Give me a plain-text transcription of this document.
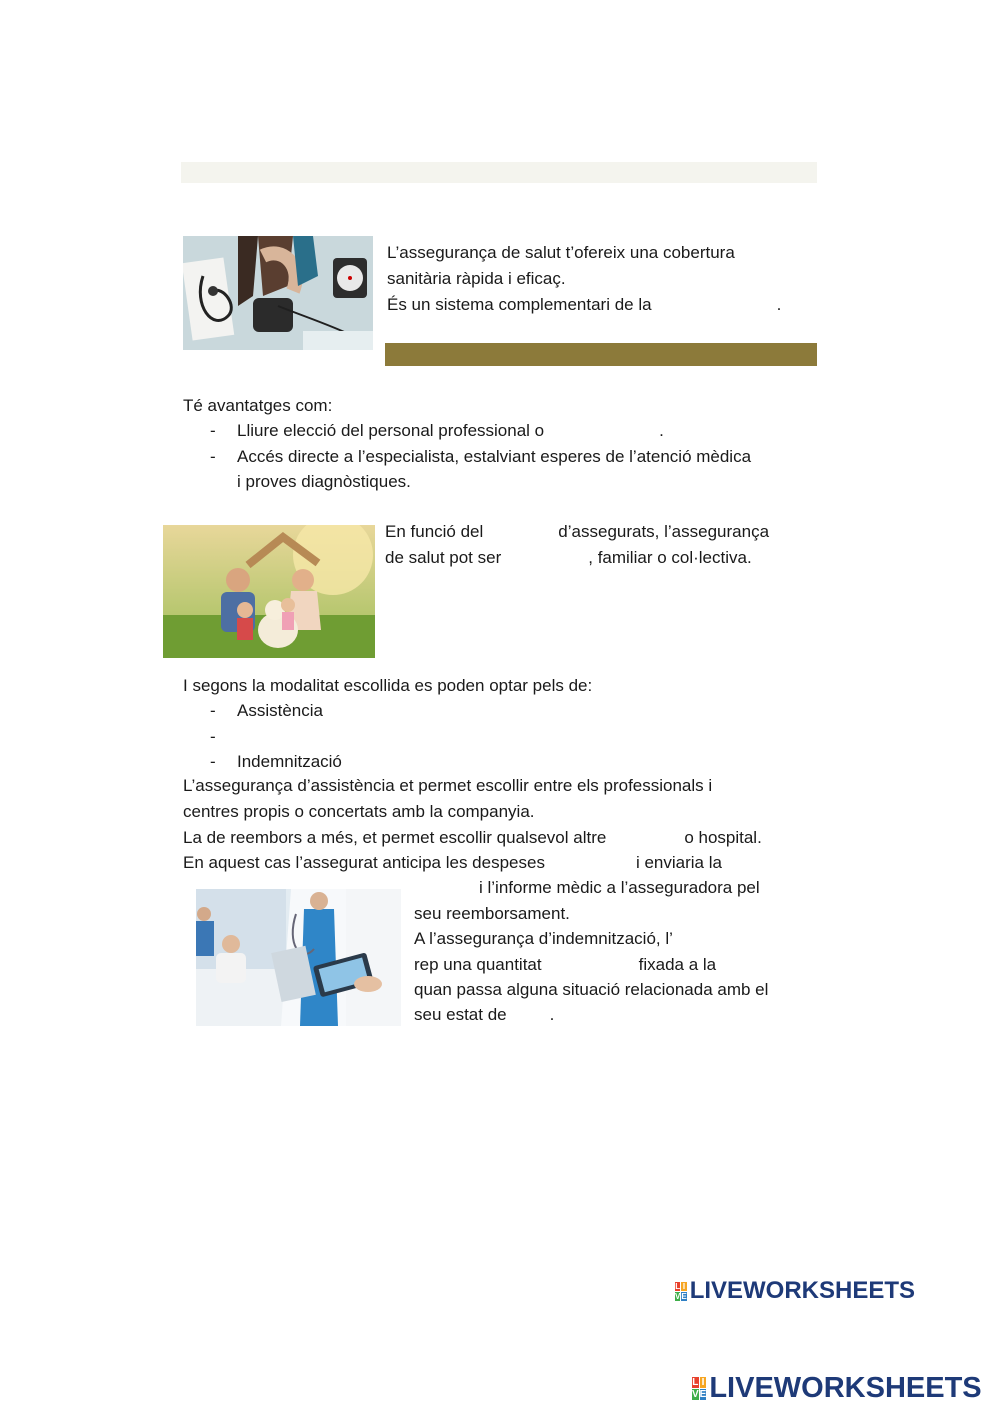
L’assegurança de salut t’ofereix una cobertura
sanitària ràpida i eficaç.
És un sistema complementari de la	.
Té avantatges com:
-	Lliure elecció del personal professional o	.
-	Accés directe a l’especialista, estalviant esperes de l’atenció mèdica
i proves diagnòstiques.
En funció del	d’assegurats, l’assegurança
de salut pot ser	, familiar o col·lectiva.
I segons la modalitat escollida es poden optar pels de:
-	Assistència
-

-	Indemnització
L’assegurança d’assistència et permet escollir entre els professionals i
centres propis o concertats amb la companyia.
La de reembors a més, et permet escollir qualsevol altre	o hospital.
En aquest cas l’assegurat anticipa les despeses	i enviaria la
i l’informe mèdic a l’asseguradora pel
seu reemborsament.
A l’assegurança d’indemnització, l’
rep una quantitat	fixada a la
quan passa alguna situació relacionada amb el
seu estat de	.
L I
V E LIVEWORKSHEETS
L I
V E LIVEWORKSHEETS
